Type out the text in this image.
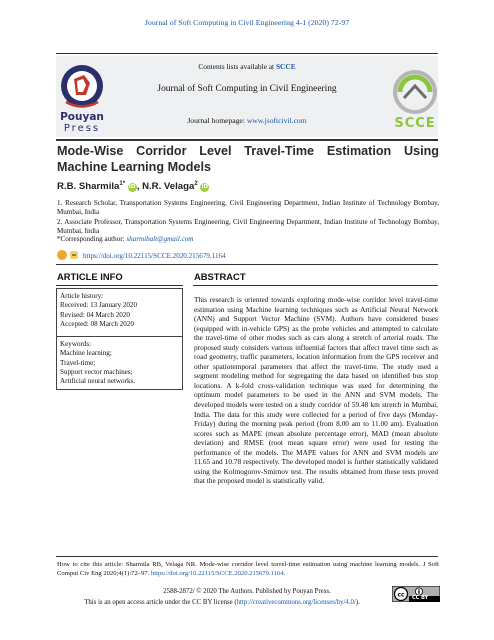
Journal of Soft Computing in Civil Engineering 4-1 (2020) 72-97
Contents lists available at SCCE
Journal of Soft Computing in Civil Engineering
Journal homepage: www.jsoftcivil.com
Pouyan
Press	SCCE
Mode-Wise Corridor Level Travel-Time Estimation Using
Machine Learning Models
R.B. Sharmila$^{1*}$ iD, N.R. Velaga$^2$ iD
1. Research Scholar, Transportation Systems Engineering, Civil Engineering Department, Indian Institute of Technology Bombay, Mumbai, India
2. Associate Professor, Transportation Systems Engineering, Civil Engineering Department, Indian Institute of Technology Bombay, Mumbai, India
*Corresponding author: sharmibalt@gmail.com
https://doi.org/10.22115/SCCE.2020.215679.1164
ARTICLE INFO
Article history:
Received: 13 January 2020
Revised: 04 March 2020
Accepted: 08 March 2020
Keywords:
Machine learning;
Travel-time;
Support vector machines;
Artificial neural networks.
ABSTRACT

This research is oriented towards exploring mode-wise corridor level travel-time estimation using Machine learning techniques such as Artificial Neural Network (ANN) and Support Vector Machine (SVM). Authors have considered buses (equipped with in-vehicle GPS) as the probe vehicles and attempted to calculate the travel-time of other modes such as cars along a stretch of arterial roads. The proposed study considers various influential factors that affect travel time such as road geometry, traffic parameters, location information from the GPS receiver and other spatiotemporal parameters that affect the travel-time. The study used a segment modeling method for segregating the data based on identified bus stop locations. A k-fold cross-validation technique was used for determining the optimum model parameters to be used in the ANN and SVM models. The developed models were tested on a study corridor of 59.48 km stretch in Mumbai, India. The data for this study were collected for a period of five days (Monday-Friday) during the morning peak period (from 8.00 am to 11.00 am). Evaluation scores such as MAPE (mean absolute percentage error), MAD (mean absolute deviation) and RMSE (root mean square error) were used for testing the performance of the models. The MAPE values for ANN and SVM models are 11.65 and 10.78 respectively. The developed model is further statistically validated using the Kolmogorov-Smirnov test. The results obtained from these tests proved that the proposed model is statistically valid.

How to cite this article: Sharmila RB, Velaga NR. Mode-wise corridor level travel-time estimation using machine learning models. J Soft Comput Civ Eng 2020;4(1):72–97. https://doi.org/10.22115/SCCE.2020.215679.1164.
2588-2872/ © 2020 The Authors. Published by Pouyan Press.
This is an open access article under the CC BY license (http://creativecommons.org/licenses/by/4.0/).
cc CC BY
